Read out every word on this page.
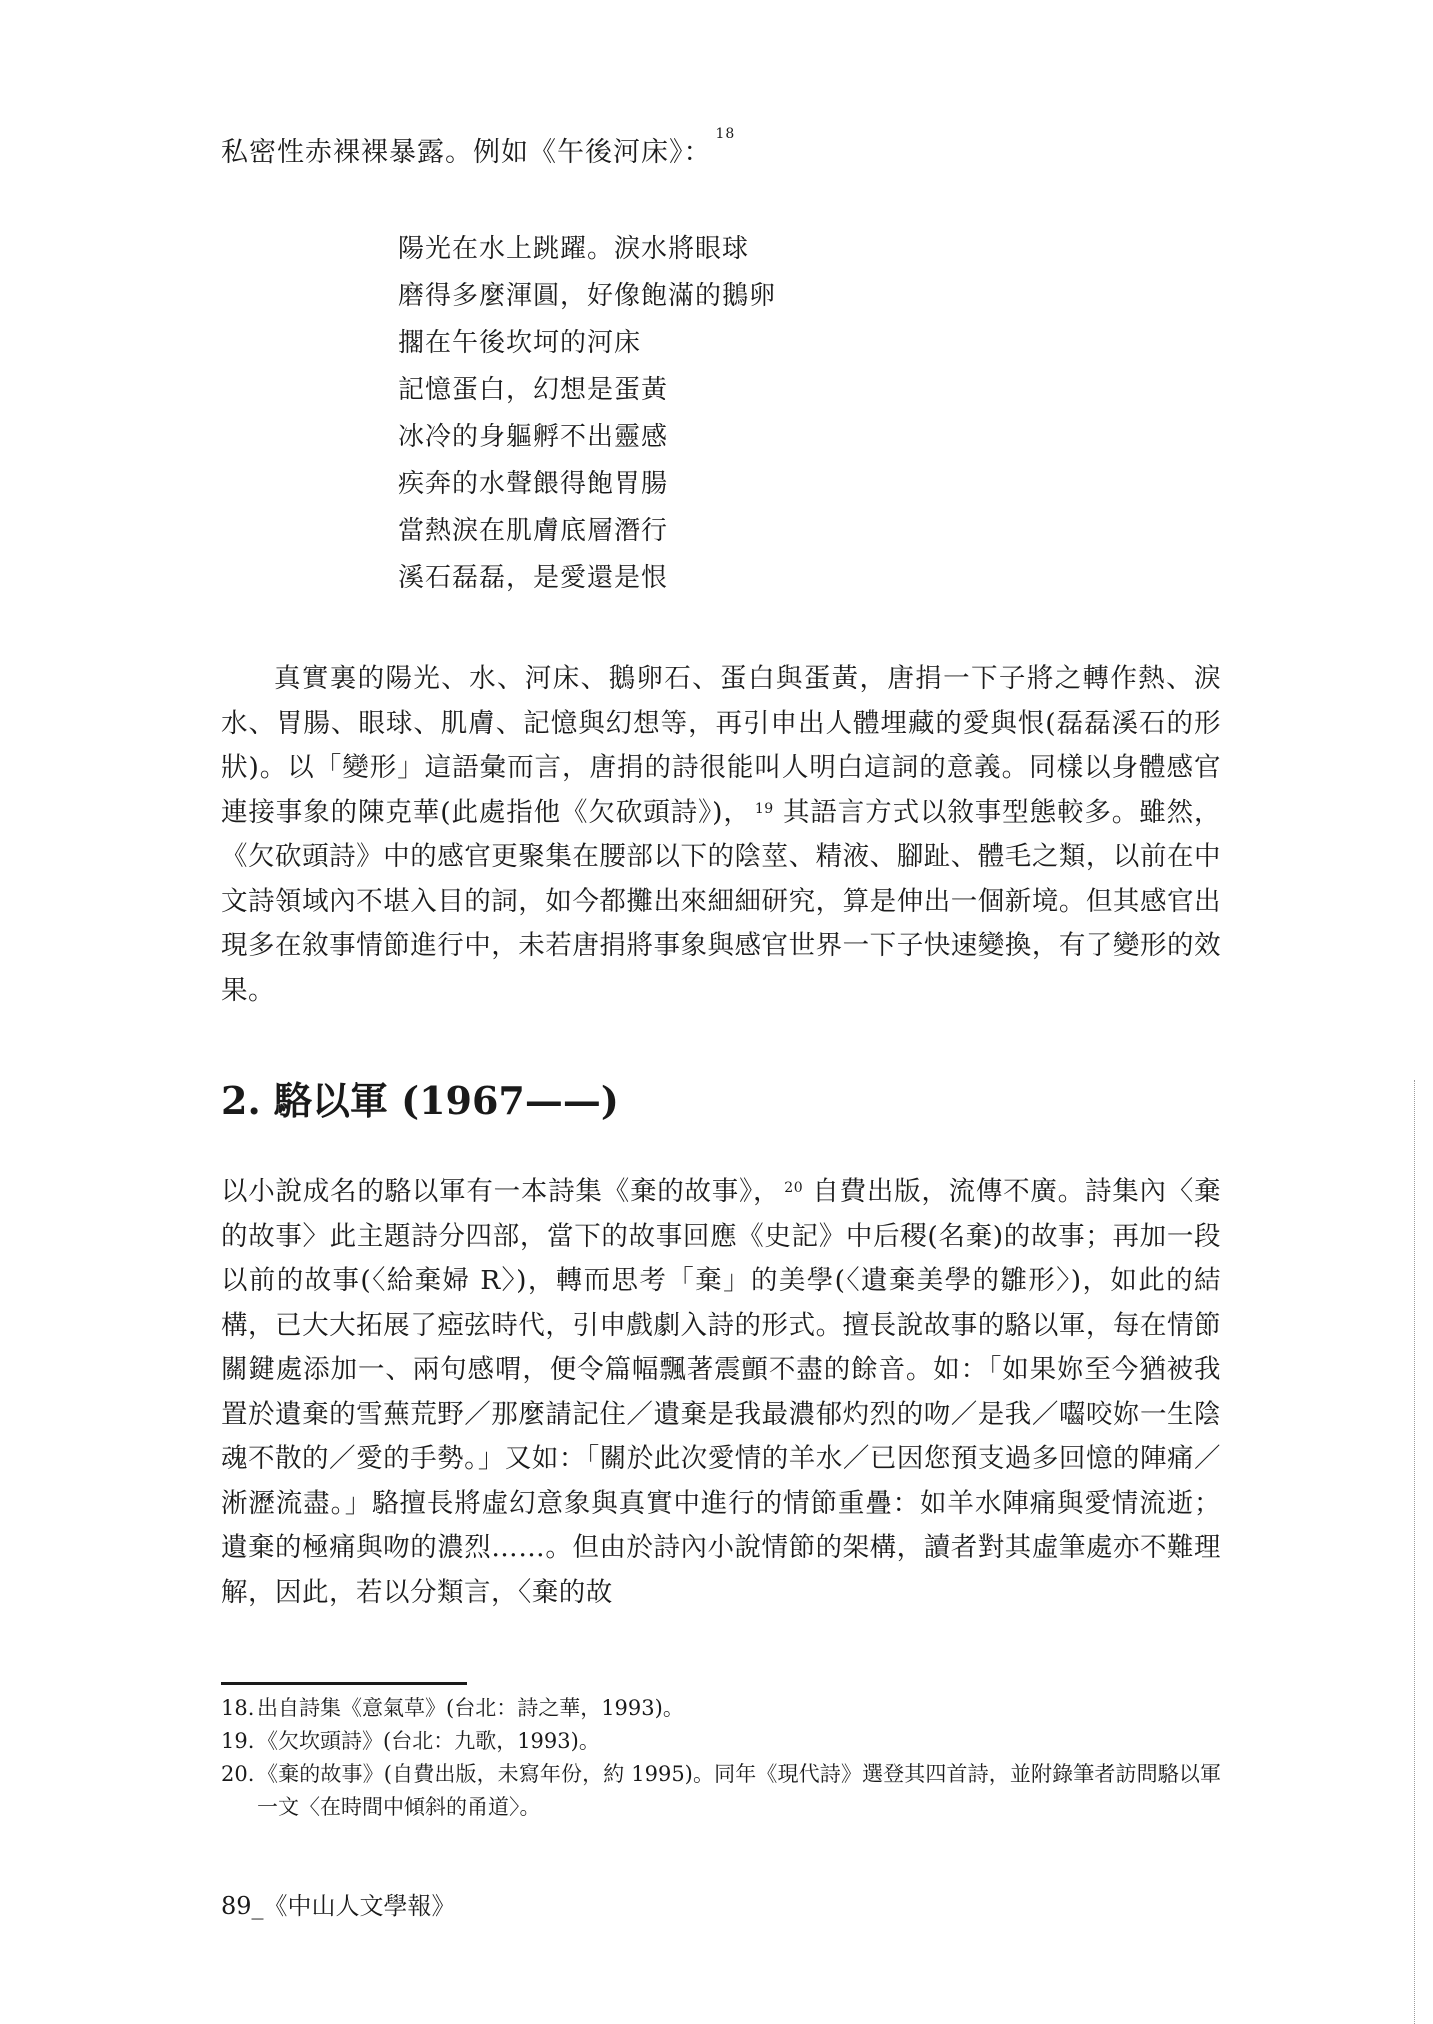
私密性赤裸裸暴露。例如《午後河床》：$^{18}$
陽光在水上跳躍。淚水將眼球
磨得多麼渾圓，好像飽滿的鵝卵
擱在午後坎坷的河床
記憶蛋白，幻想是蛋黃
冰冷的身軀孵不出靈感
疾奔的水聲餵得飽胃腸
當熱淚在肌膚底層潛行
溪石磊磊，是愛還是恨
真實裏的陽光、水、河床、鵝卵石、蛋白與蛋黃，唐捐一下子將之轉作熱、淚水、胃腸、眼球、肌膚、記憶與幻想等，再引申出人體埋藏的愛與恨(磊磊溪石的形狀)。以「變形」這語彙而言，唐捐的詩很能叫人明白這詞的意義。同樣以身體感官連接事象的陳克華(此處指他《欠砍頭詩》)， $^{19}$ 其語言方式以敘事型態較多。雖然，《欠砍頭詩》中的感官更聚集在腰部以下的陰莖、精液、腳趾、體毛之類，以前在中文詩領域內不堪入目的詞，如今都攤出來細細研究，算是伸出一個新境。但其感官出現多在敘事情節進行中，未若唐捐將事象與感官世界一下子快速變換，有了變形的效果。
2. 駱以軍 (1967——)
以小說成名的駱以軍有一本詩集《棄的故事》， $^{20}$ 自費出版，流傳不廣。詩集內〈棄的故事〉此主題詩分四部，當下的故事回應《史記》中后稷(名棄)的故事；再加一段以前的故事(〈給棄婦 R〉)，轉而思考「棄」的美學(〈遺棄美學的雛形〉)，如此的結構，已大大拓展了瘂弦時代，引申戲劇入詩的形式。擅長說故事的駱以軍，每在情節關鍵處添加一、兩句感喟，便令篇幅飄著震顫不盡的餘音。如：「如果妳至今猶被我置於遺棄的雪蕪荒野／那麼請記住／遺棄是我最濃郁灼烈的吻／是我／囓咬妳一生陰魂不散的／愛的手勢。」又如：「關於此次愛情的羊水／已因您預支過多回憶的陣痛／淅瀝流盡。」駱擅長將虛幻意象與真實中進行的情節重疊：如羊水陣痛與愛情流逝；遺棄的極痛與吻的濃烈……。但由於詩內小說情節的架構，讀者對其虛筆處亦不難理解，因此，若以分類言，〈棄的故
18. 出自詩集《意氣草》(台北：詩之華，1993)。
19. 《欠坎頭詩》(台北：九歌，1993)。
20. 《棄的故事》(自費出版，未寫年份，約 1995)。同年《現代詩》選登其四首詩，並附錄筆者訪問駱以軍一文〈在時間中傾斜的甬道〉。
89_《中山人文學報》
